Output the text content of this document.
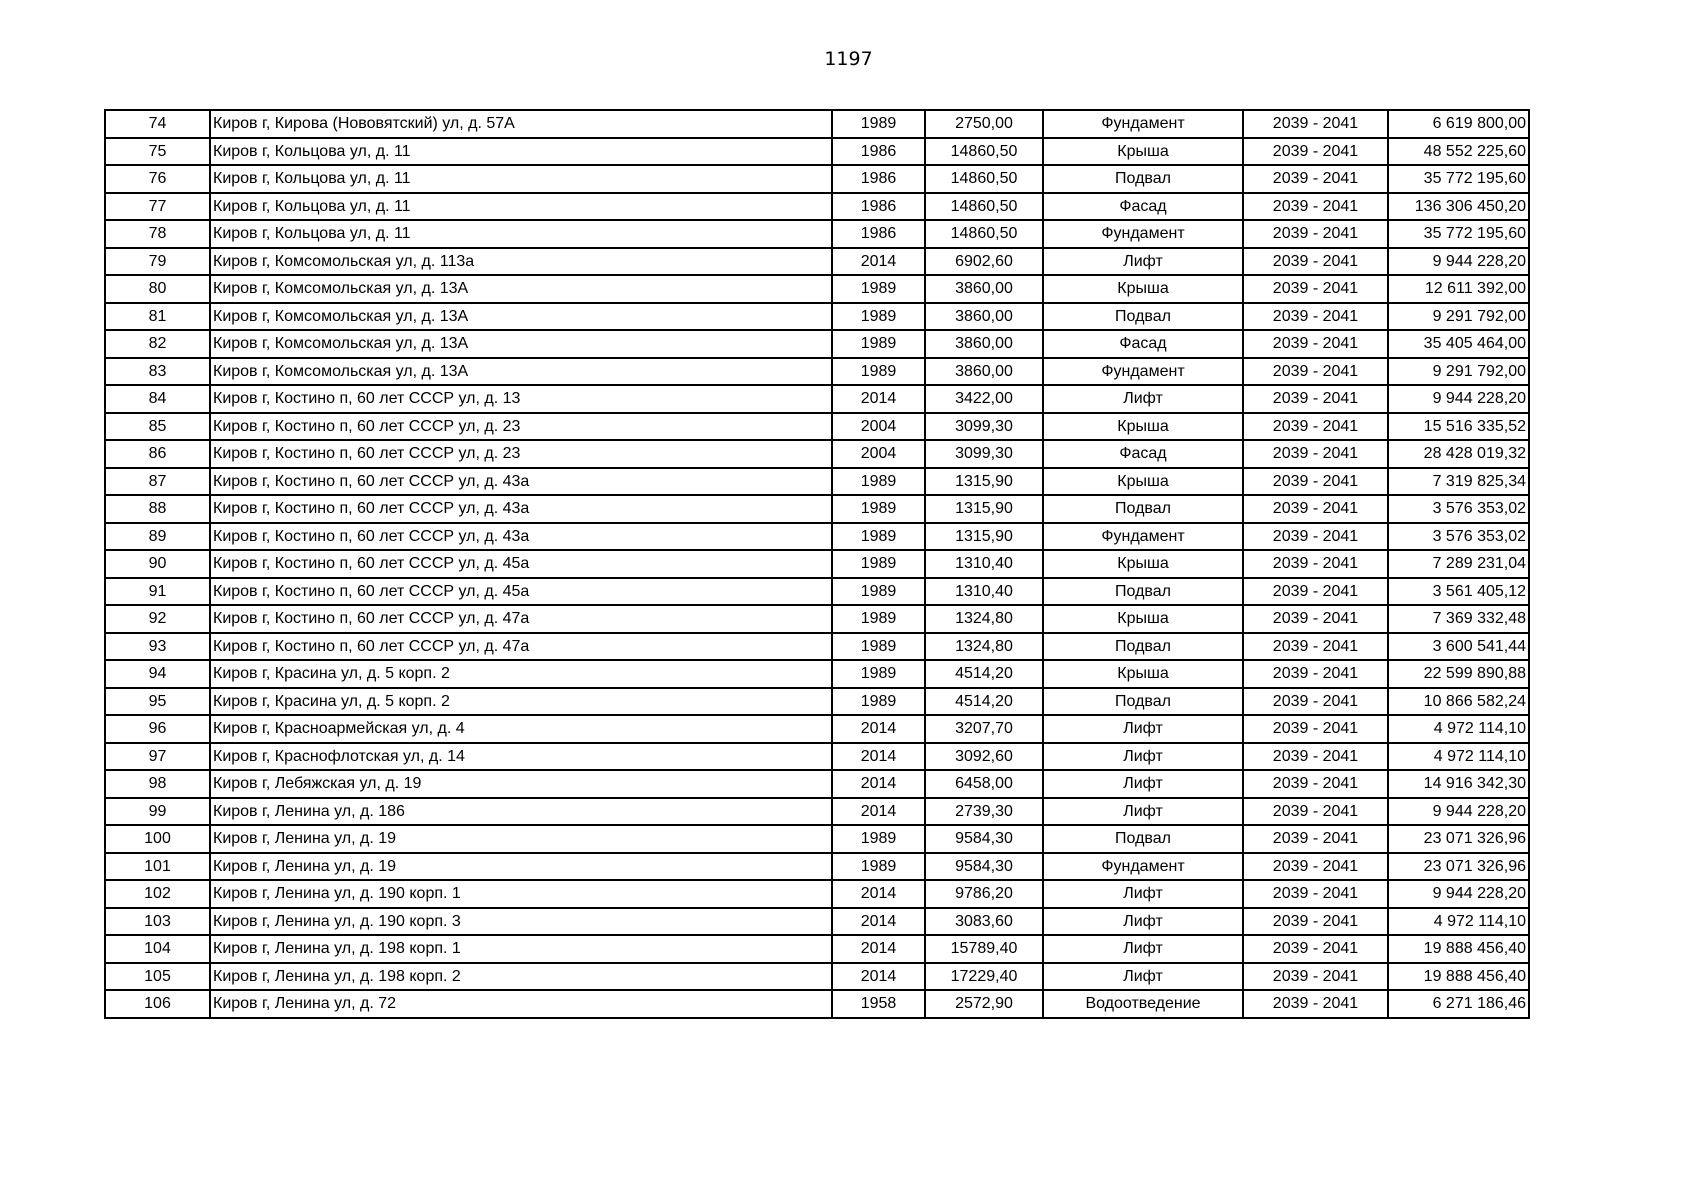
1197
74	Киров г, Кирова (Нововятский) ул, д. 57А	1989	2750,00	Фундамент	2039 - 2041	6 619 800,00
75	Киров г, Кольцова ул, д. 11	1986	14860,50	Крыша	2039 - 2041	48 552 225,60
76	Киров г, Кольцова ул, д. 11	1986	14860,50	Подвал	2039 - 2041	35 772 195,60
77	Киров г, Кольцова ул, д. 11	1986	14860,50	Фасад	2039 - 2041	136 306 450,20
78	Киров г, Кольцова ул, д. 11	1986	14860,50	Фундамент	2039 - 2041	35 772 195,60
79	Киров г, Комсомольская ул, д. 113а	2014	6902,60	Лифт	2039 - 2041	9 944 228,20
80	Киров г, Комсомольская ул, д. 13А	1989	3860,00	Крыша	2039 - 2041	12 611 392,00
81	Киров г, Комсомольская ул, д. 13А	1989	3860,00	Подвал	2039 - 2041	9 291 792,00
82	Киров г, Комсомольская ул, д. 13А	1989	3860,00	Фасад	2039 - 2041	35 405 464,00
83	Киров г, Комсомольская ул, д. 13А	1989	3860,00	Фундамент	2039 - 2041	9 291 792,00
84	Киров г, Костино п, 60 лет СССР ул, д. 13	2014	3422,00	Лифт	2039 - 2041	9 944 228,20
85	Киров г, Костино п, 60 лет СССР ул, д. 23	2004	3099,30	Крыша	2039 - 2041	15 516 335,52
86	Киров г, Костино п, 60 лет СССР ул, д. 23	2004	3099,30	Фасад	2039 - 2041	28 428 019,32
87	Киров г, Костино п, 60 лет СССР ул, д. 43а	1989	1315,90	Крыша	2039 - 2041	7 319 825,34
88	Киров г, Костино п, 60 лет СССР ул, д. 43а	1989	1315,90	Подвал	2039 - 2041	3 576 353,02
89	Киров г, Костино п, 60 лет СССР ул, д. 43а	1989	1315,90	Фундамент	2039 - 2041	3 576 353,02
90	Киров г, Костино п, 60 лет СССР ул, д. 45а	1989	1310,40	Крыша	2039 - 2041	7 289 231,04
91	Киров г, Костино п, 60 лет СССР ул, д. 45а	1989	1310,40	Подвал	2039 - 2041	3 561 405,12
92	Киров г, Костино п, 60 лет СССР ул, д. 47а	1989	1324,80	Крыша	2039 - 2041	7 369 332,48
93	Киров г, Костино п, 60 лет СССР ул, д. 47а	1989	1324,80	Подвал	2039 - 2041	3 600 541,44
94	Киров г, Красина ул, д. 5 корп. 2	1989	4514,20	Крыша	2039 - 2041	22 599 890,88
95	Киров г, Красина ул, д. 5 корп. 2	1989	4514,20	Подвал	2039 - 2041	10 866 582,24
96	Киров г, Красноармейская ул, д. 4	2014	3207,70	Лифт	2039 - 2041	4 972 114,10
97	Киров г, Краснофлотская ул, д. 14	2014	3092,60	Лифт	2039 - 2041	4 972 114,10
98	Киров г, Лебяжская ул, д. 19	2014	6458,00	Лифт	2039 - 2041	14 916 342,30
99	Киров г, Ленина ул, д. 186	2014	2739,30	Лифт	2039 - 2041	9 944 228,20
100	Киров г, Ленина ул, д. 19	1989	9584,30	Подвал	2039 - 2041	23 071 326,96
101	Киров г, Ленина ул, д. 19	1989	9584,30	Фундамент	2039 - 2041	23 071 326,96
102	Киров г, Ленина ул, д. 190 корп. 1	2014	9786,20	Лифт	2039 - 2041	9 944 228,20
103	Киров г, Ленина ул, д. 190 корп. 3	2014	3083,60	Лифт	2039 - 2041	4 972 114,10
104	Киров г, Ленина ул, д. 198 корп. 1	2014	15789,40	Лифт	2039 - 2041	19 888 456,40
105	Киров г, Ленина ул, д. 198 корп. 2	2014	17229,40	Лифт	2039 - 2041	19 888 456,40
106	Киров г, Ленина ул, д. 72	1958	2572,90	Водоотведение	2039 - 2041	6 271 186,46
